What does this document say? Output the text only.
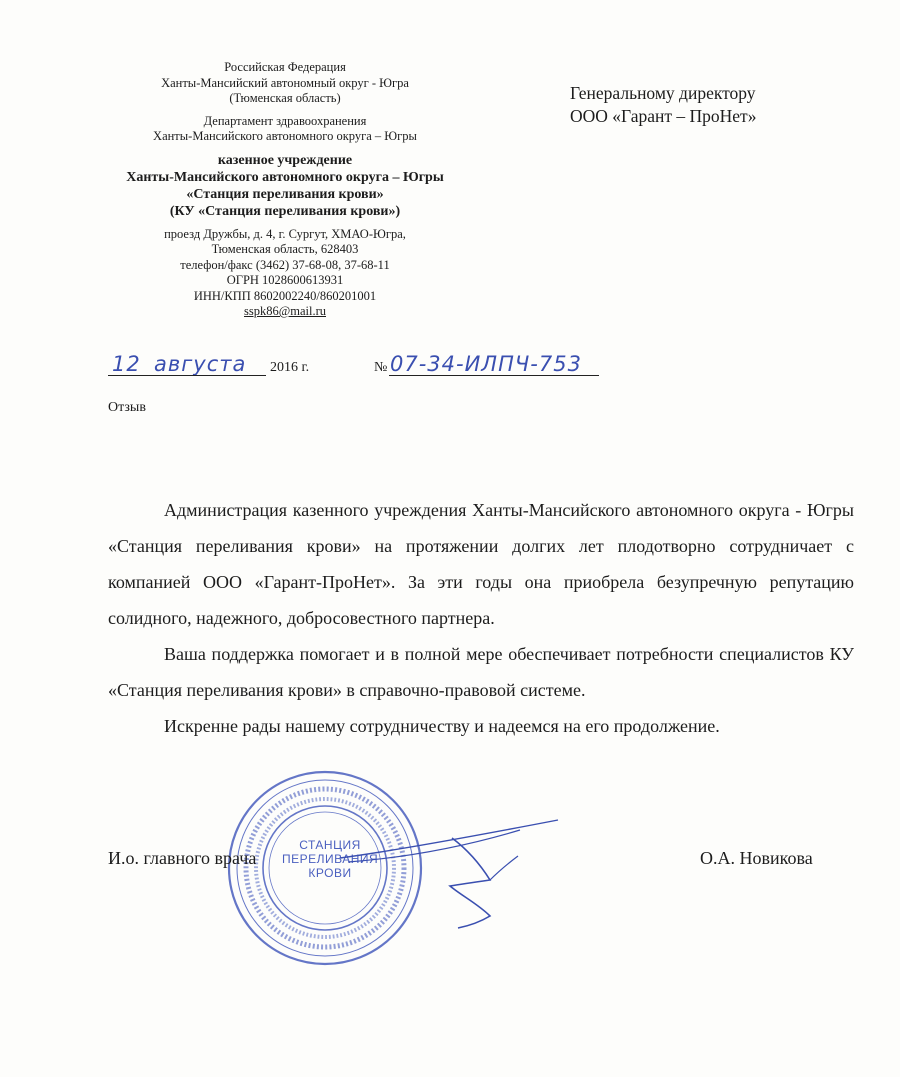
Российская Федерация
Ханты-Мансийский автономный округ - Югра
(Тюменская область)
Департамент здравоохранения
Ханты-Мансийского автономного округа – Югры
казенное учреждение
Ханты-Мансийского автономного округа – Югры
«Станция переливания крови»
(КУ «Станция переливания крови»)
проезд Дружбы, д. 4, г. Сургут, ХМАО-Югра,
Тюменская область, 628403
телефон/факс (3462) 37-68-08, 37-68-11
ОГРН 1028600613931
ИНН/КПП 8602002240/860201001
sspk86@mail.ru
Генеральному директору
ООО «Гарант – ПроНет»
12 августа 2016 г.	№ 07-34-ИЛПЧ-753
Отзыв

Администрация казенного учреждения Ханты-Мансийского автономного округа - Югры «Станция переливания крови» на протяжении долгих лет плодотворно сотрудничает с компанией ООО «Гарант-ПроНет». За эти годы она приобрела безупречную репутацию солидного, надежного, добросовестного партнера.

Ваша поддержка помогает и в полной мере обеспечивает потребности специалистов КУ «Станция переливания крови» в справочно-правовой системе.

Искренне рады нашему сотрудничеству и надеемся на его продолжение.

СТАНЦИЯ
ПЕРЕЛИВАНИЯ
КРОВИ
И.о. главного врача	О.А. Новикова
